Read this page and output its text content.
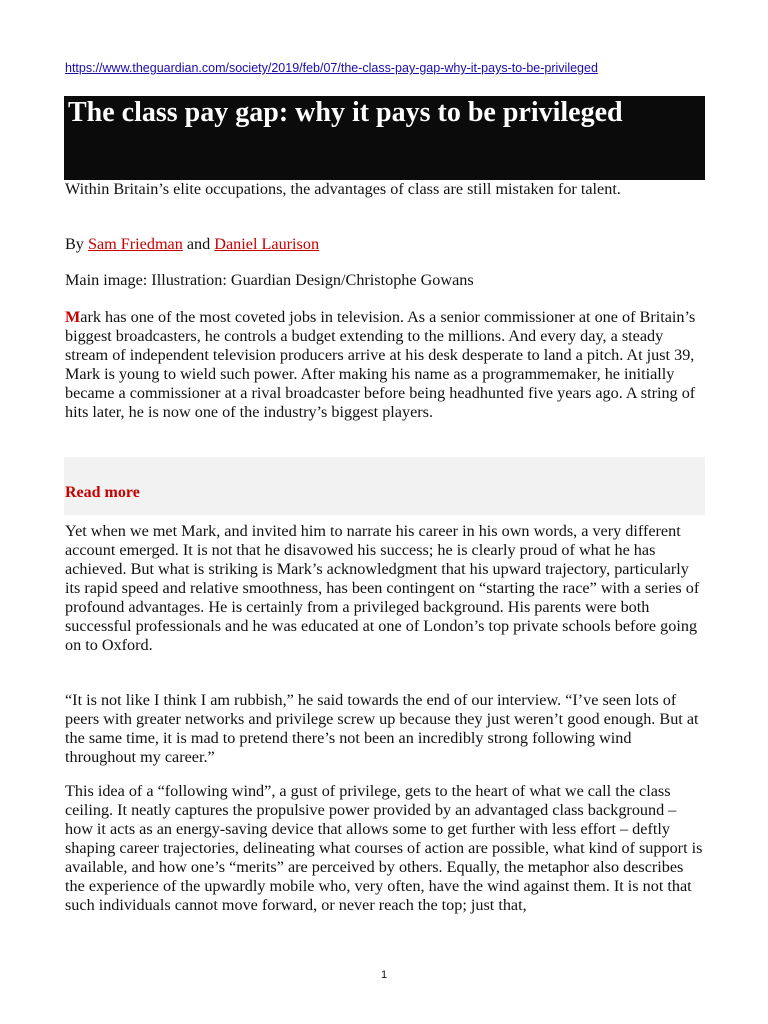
https://www.theguardian.com/society/2019/feb/07/the-class-pay-gap-why-it-pays-to-be-privileged
The class pay gap: why it pays to be privileged

Within Britain’s elite occupations, the advantages of class are still mistaken for talent.

By Sam Friedman and Daniel Laurison

Main image: Illustration: Guardian Design/Christophe Gowans

Mark has one of the most coveted jobs in television. As a senior commissioner at one of Britain’s biggest broadcasters, he controls a budget extending to the millions. And every day, a steady stream of independent television producers arrive at his desk desperate to land a pitch. At just 39, Mark is young to wield such power. After making his name as a programmemaker, he initially became a commissioner at a rival broadcaster before being headhunted five years ago. A string of hits later, he is now one of the industry’s biggest players.

Read more

Yet when we met Mark, and invited him to narrate his career in his own words, a very different account emerged. It is not that he disavowed his success; he is clearly proud of what he has achieved. But what is striking is Mark’s acknowledgment that his upward trajectory, particularly its rapid speed and relative smoothness, has been contingent on “starting the race” with a series of profound advantages. He is certainly from a privileged background. His parents were both successful professionals and he was educated at one of London’s top private schools before going on to Oxford.

“It is not like I think I am rubbish,” he said towards the end of our interview. “I’ve seen lots of peers with greater networks and privilege screw up because they just weren’t good enough. But at the same time, it is mad to pretend there’s not been an incredibly strong following wind throughout my career.”

This idea of a “following wind”, a gust of privilege, gets to the heart of what we call the class ceiling. It neatly captures the propulsive power provided by an advantaged class background – how it acts as an energy-saving device that allows some to get further with less effort – deftly shaping career trajectories, delineating what courses of action are possible, what kind of support is available, and how one’s “merits” are perceived by others. Equally, the metaphor also describes the experience of the upwardly mobile who, very often, have the wind against them. It is not that such individuals cannot move forward, or never reach the top; just that,

1
